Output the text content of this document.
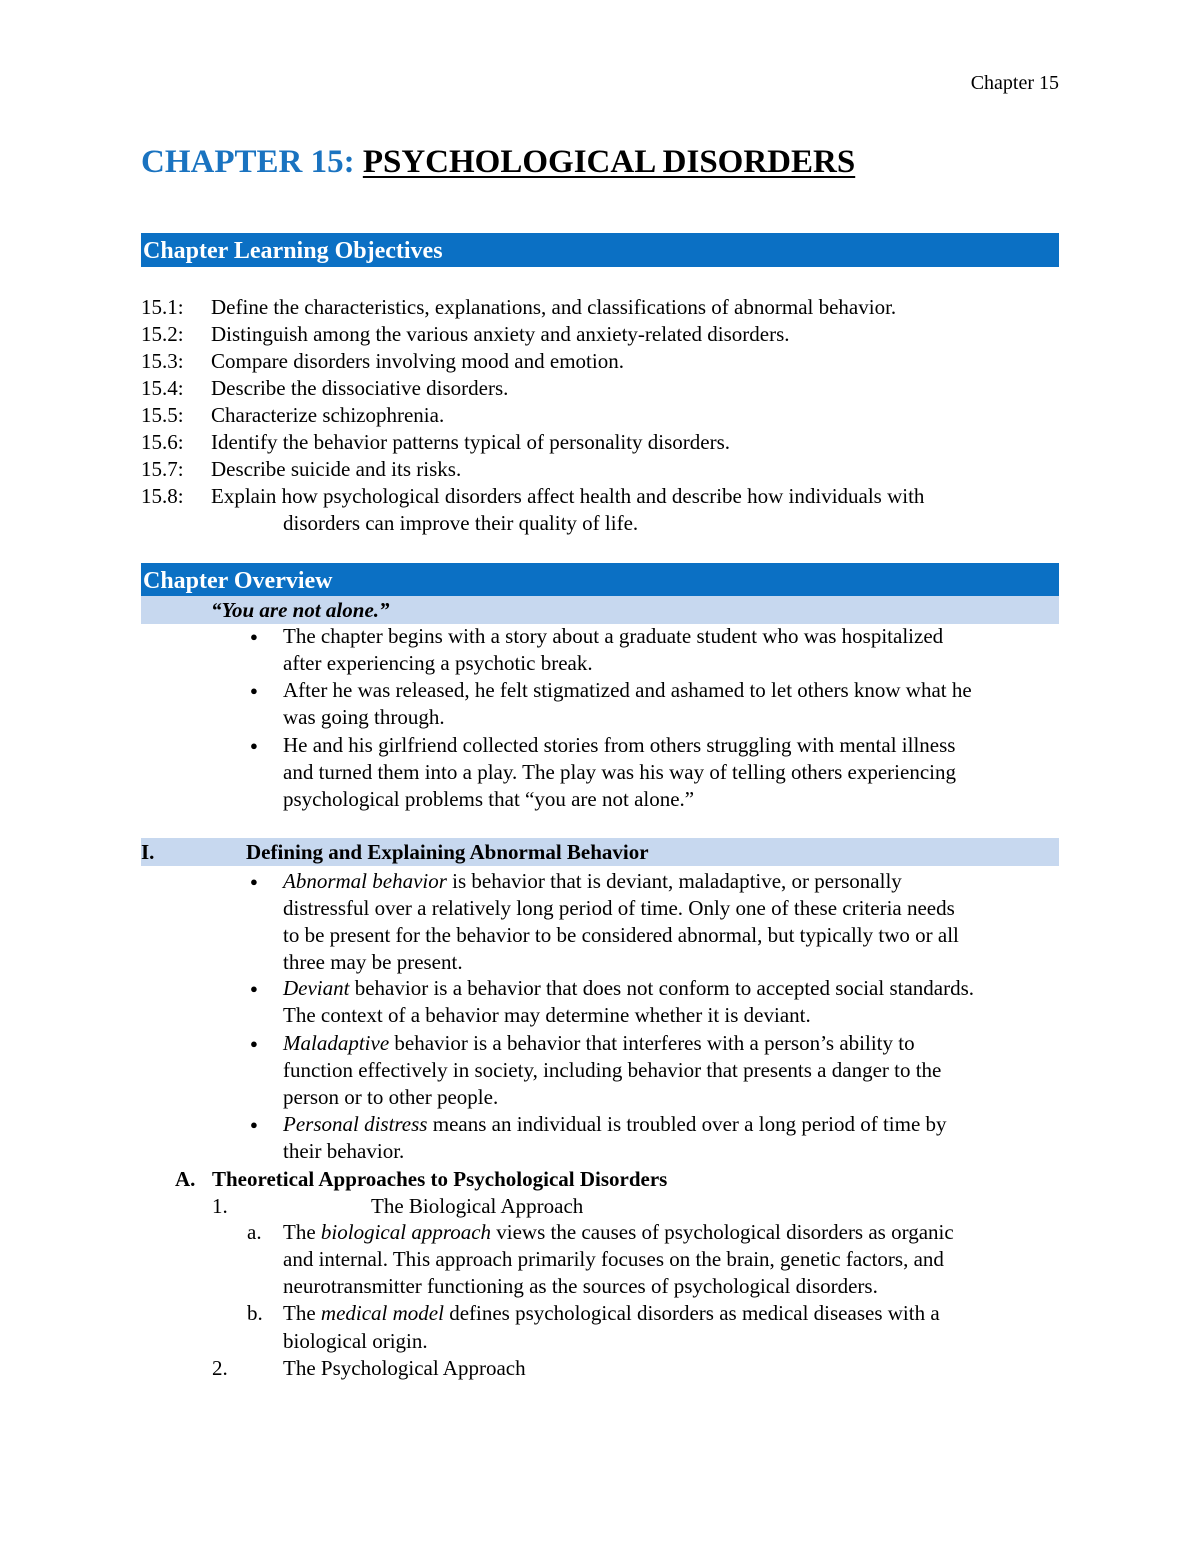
Chapter 15
CHAPTER 15: PSYCHOLOGICAL DISORDERS
Chapter Learning Objectives
15.1: Define the characteristics, explanations, and classifications of abnormal behavior.
15.2: Distinguish among the various anxiety and anxiety-related disorders.
15.3: Compare disorders involving mood and emotion.
15.4: Describe the dissociative disorders.
15.5: Characterize schizophrenia.
15.6: Identify the behavior patterns typical of personality disorders.
15.7: Describe suicide and its risks.
15.8: Explain how psychological disorders affect health and describe how individuals with
disorders can improve their quality of life.
Chapter Overview
“You are not alone.”
● The chapter begins with a story about a graduate student who was hospitalized
after experiencing a psychotic break.
● After he was released, he felt stigmatized and ashamed to let others know what he
was going through.
● He and his girlfriend collected stories from others struggling with mental illness
and turned them into a play. The play was his way of telling others experiencing
psychological problems that “you are not alone.”
I.	Defining and Explaining Abnormal Behavior
● Abnormal behavior is behavior that is deviant, maladaptive, or personally
distressful over a relatively long period of time. Only one of these criteria needs
to be present for the behavior to be considered abnormal, but typically two or all
three may be present.
● Deviant behavior is a behavior that does not conform to accepted social standards.
The context of a behavior may determine whether it is deviant.
● Maladaptive behavior is a behavior that interferes with a person’s ability to
function effectively in society, including behavior that presents a danger to the
person or to other people.
● Personal distress means an individual is troubled over a long period of time by
their behavior.
A. Theoretical Approaches to Psychological Disorders
1.	The Biological Approach
a. The biological approach views the causes of psychological disorders as organic
and internal. This approach primarily focuses on the brain, genetic factors, and
neurotransmitter functioning as the sources of psychological disorders.
b. The medical model defines psychological disorders as medical diseases with a
biological origin.
2.	The Psychological Approach
